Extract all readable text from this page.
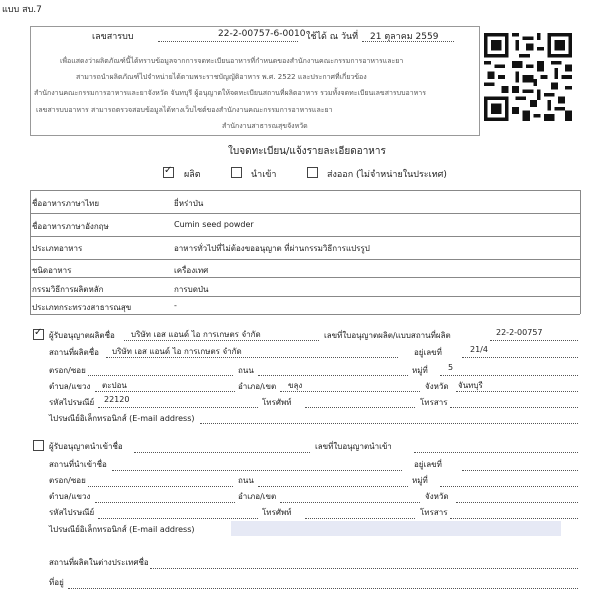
แบบ สบ.7
เลขสารบบ	22-2-00757-6-0010 ใช้ได้ ณ วันที่ 21 ตุลาคม 2559
เพื่อแสดงว่าผลิตภัณฑ์นี้ได้ทราบข้อมูลจากการจดทะเบียนอาหารที่กำหนดของสำนักงานคณะกรรมการอาหารและยา
สามารถนำผลิตภัณฑ์ไปจำหน่ายได้ตามพระราชบัญญัติอาหาร พ.ศ. 2522 และประกาศที่เกี่ยวข้อง
สำนักงานคณะกรรมการอาหารและยาจังหวัด จันทบุรี ผู้อนุญาตให้จดทะเบียนสถานที่ผลิตอาหาร รวมทั้งจดทะเบียนเลขสารบบอาหาร
เลขสารบบอาหาร สามารถตรวจสอบข้อมูลได้ทางเว็บไซต์ของสำนักงานคณะกรรมการอาหารและยา
สำนักงานสาธารณสุขจังหวัด
ใบจดทะเบียน/แจ้งรายละเอียดอาหาร
✓
ผลิต	นำเข้า	ส่งออก (ไม่จำหน่ายในประเทศ)
ชื่ออาหารภาษาไทย	ยี่หร่าป่น
ชื่ออาหารภาษาอังกฤษ	Cumin seed powder
ประเภทอาหาร	อาหารทั่วไปที่ไม่ต้องขออนุญาต ที่ผ่านกรรมวิธีการแปรรูป
ชนิดอาหาร	เครื่องเทศ
กรรมวิธีการผลิตหลัก	การบดป่น
ประเภทกระทรวงสาธารณสุข	-
✓
ผู้รับอนุญาตผลิตชื่อ บริษัท เอส แอนด์ ไอ การเกษตร จำกัด	เลขที่ใบอนุญาตผลิต/แบบสถานที่ผลิต	22-2-00757
สถานที่ผลิตชื่อ บริษัท เอส แอนด์ ไอ การเกษตร จำกัด	อยู่เลขที่	21/4
ตรอก/ซอย	ถนน	หมู่ที่	5
ตำบล/แขวง ตะปอน	อำเภอ/เขต ขลุง	จังหวัด จันทบุรี
รหัสไปรษณีย์ 22120	โทรศัพท์	โทรสาร
ไปรษณีย์อิเล็กทรอนิกส์ (E-mail address)
ผู้รับอนุญาตนำเข้าชื่อ	เลขที่ใบอนุญาตนำเข้า
สถานที่นำเข้าชื่อ	อยู่เลขที่
ตรอก/ซอย	ถนน	หมู่ที่
ตำบล/แขวง	อำเภอ/เขต	จังหวัด
รหัสไปรษณีย์	โทรศัพท์	โทรสาร
ไปรษณีย์อิเล็กทรอนิกส์ (E-mail address)
สถานที่ผลิตในต่างประเทศชื่อ
ที่อยู่
